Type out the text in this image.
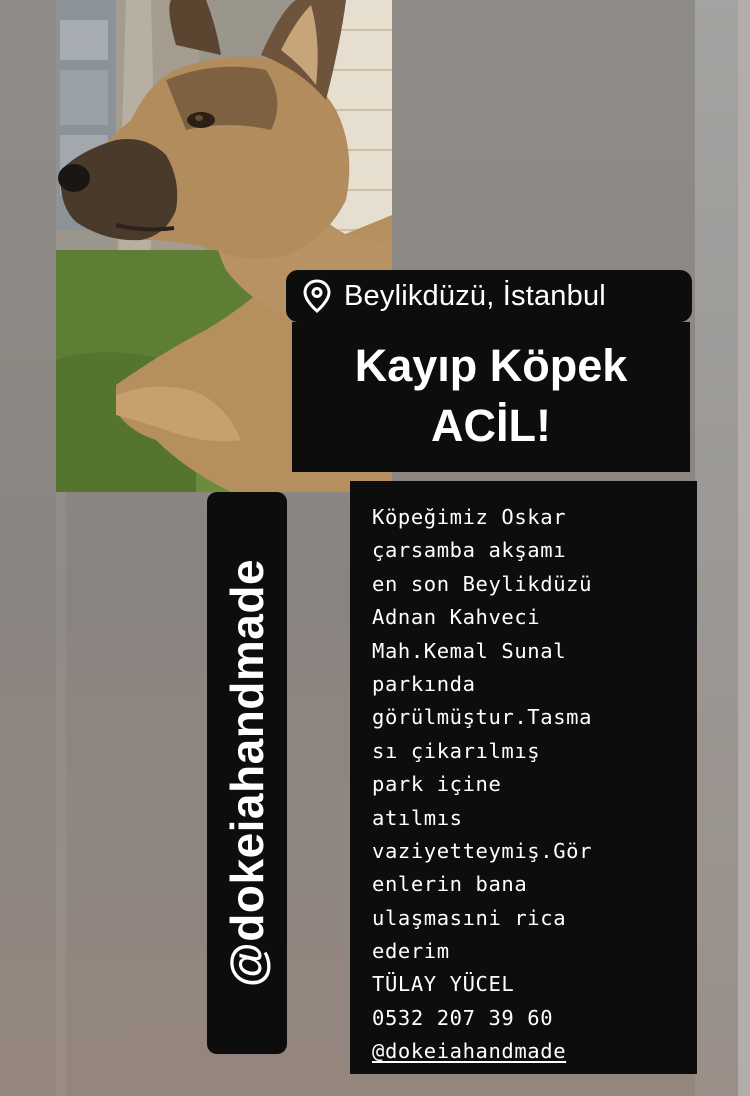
Beylikdüzü, İstanbul
Kayıp Köpek
ACİL!
@dokeiahandmade
Köpeğimiz Oskar
çarsamba akşamı
en son Beylikdüzü
Adnan Kahveci
Mah.Kemal Sunal
parkında
görülmüştur.Tasma
sı çikarılmış
park içine
atılmıs
vaziyetteymiş.Gör
enlerin bana
ulaşmasıni rica
ederim
TÜLAY YÜCEL
0532 207 39 60
@dokeiahandmade
